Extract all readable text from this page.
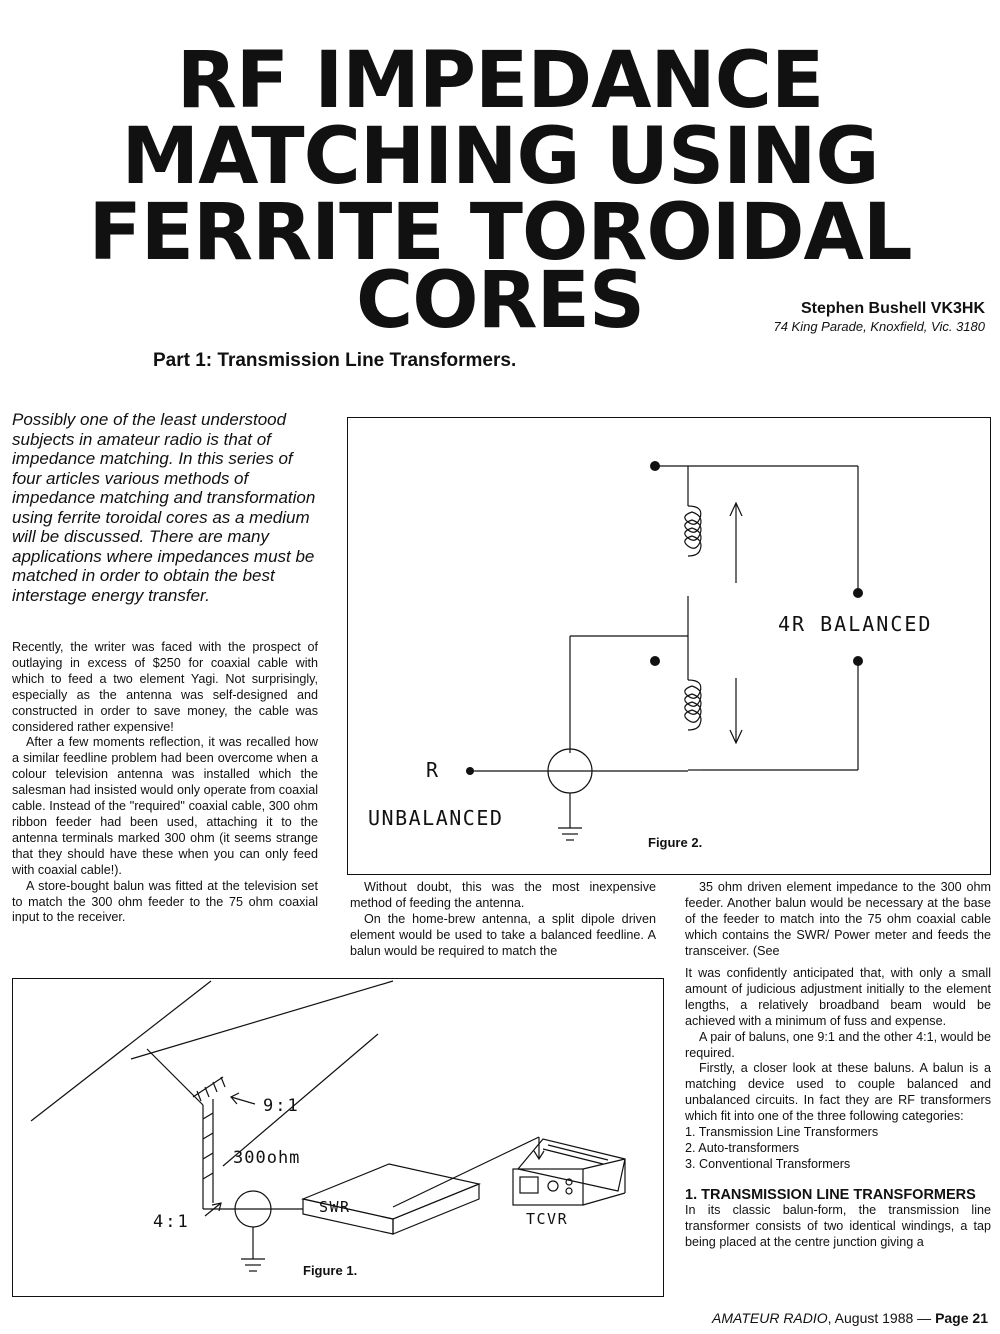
RF IMPEDANCE
MATCHING USING
FERRITE TOROIDAL
CORES	Stephen Bushell VK3HK
74 King Parade, Knoxfield, Vic. 3180
Part 1: Transmission Line Transformers.
Possibly one of the least understood subjects in amateur radio is that of impedance matching. In this series of four articles various methods of impedance matching and transformation using ferrite toroidal cores as a medium will be discussed. There are many applications where impedances must be matched in order to obtain the best interstage energy transfer.

Recently, the writer was faced with the prospect of outlaying in excess of $250 for coaxial cable with which to feed a two element Yagi. Not surprisingly, especially as the antenna was self-designed and constructed in order to save money, the cable was considered rather expensive!

After a few moments reflection, it was recalled how a similar feedline problem had been overcome when a colour television antenna was installed which the salesman had insisted would only operate from coaxial cable. Instead of the "required" coaxial cable, 300 ohm ribbon feeder had been used, attaching it to the antenna terminals marked 300 ohm (it seems strange that they should have these when you can only feed with coaxial cable!).

A store-bought balun was fitted at the television set to match the 300 ohm feeder to the 75 ohm coaxial input to the receiver.

4R BALANCED
R
UNBALANCED
Figure 2.

Without doubt, this was the most inexpensive method of feeding the antenna.

On the home-brew antenna, a split dipole driven element would be used to take a balanced feedline. A balun would be required to match the

35 ohm driven element impedance to the 300 ohm feeder. Another balun would be necessary at the base of the feeder to match into the 75 ohm coaxial cable which contains the SWR/ Power meter and feeds the transceiver. (See

It was confidently anticipated that, with only a small amount of judicious adjustment initially to the element lengths, a relatively broadband beam would be achieved with a minimum of fuss and expense.

A pair of baluns, one 9:1 and the other 4:1, would be required.

Firstly, a closer look at these baluns. A balun is a matching device used to couple balanced and unbalanced circuits. In fact they are RF transformers which fit into one of the three following categories:

1. Transmission Line Transformers
2. Auto-transformers
3. Conventional Transformers
1. TRANSMISSION LINE TRANSFORMERS

In its classic balun-form, the transmission line transformer consists of two identical windings, a tap being placed at the centre junction giving a

9:1
300ohm
4:1
SWR
TCVR
Figure 1.
AMATEUR RADIO, August 1988 — Page 21
